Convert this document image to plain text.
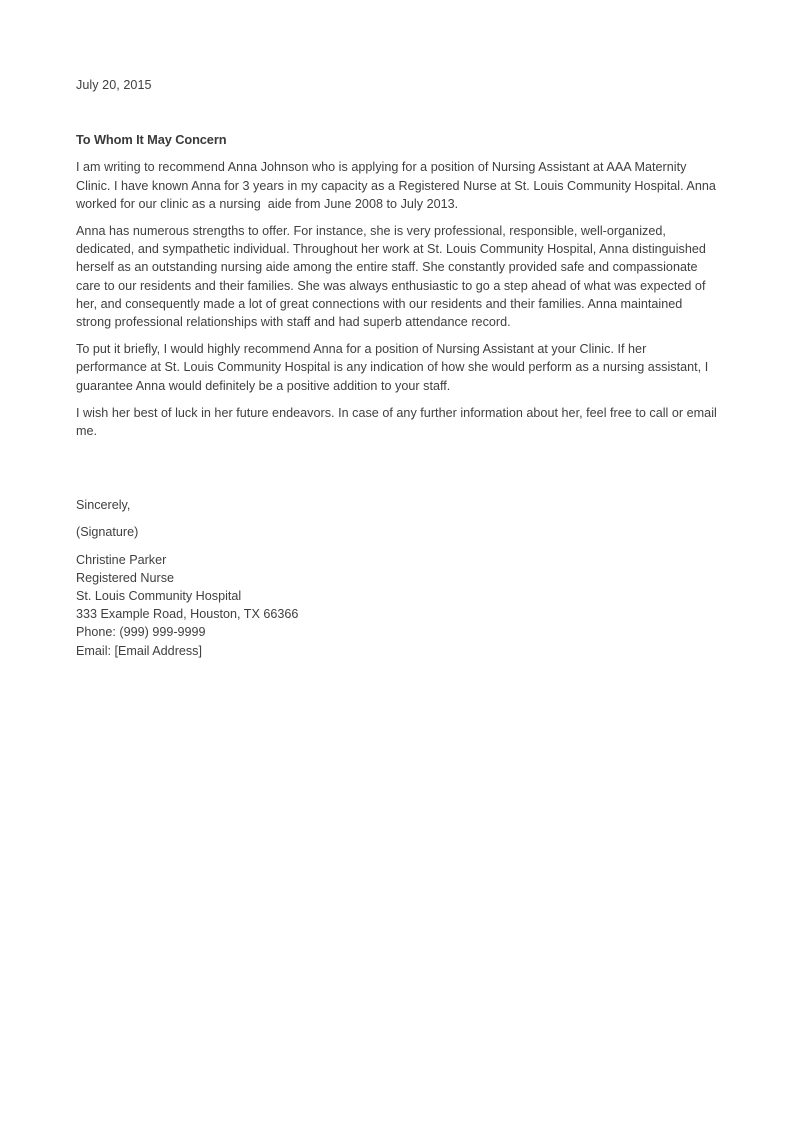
July 20, 2015

To Whom It May Concern

I am writing to recommend Anna Johnson who is applying for a position of Nursing Assistant at AAA Maternity Clinic. I have known Anna for 3 years in my capacity as a Registered Nurse at St. Louis Community Hospital. Anna worked for our clinic as a nursing  aide from June 2008 to July 2013.

Anna has numerous strengths to offer. For instance, she is very professional, responsible, well-organized, dedicated, and sympathetic individual. Throughout her work at St. Louis Community Hospital, Anna distinguished herself as an outstanding nursing aide among the entire staff. She constantly provided safe and compassionate care to our residents and their families. She was always enthusiastic to go a step ahead of what was expected of her, and consequently made a lot of great connections with our residents and their families. Anna maintained strong professional relationships with staff and had superb attendance record.

To put it briefly, I would highly recommend Anna for a position of Nursing Assistant at your Clinic. If her performance at St. Louis Community Hospital is any indication of how she would perform as a nursing assistant, I guarantee Anna would definitely be a positive addition to your staff.

I wish her best of luck in her future endeavors. In case of any further information about her, feel free to call or email me.

Sincerely,

(Signature)

Christine Parker

Registered Nurse

St. Louis Community Hospital

333 Example Road, Houston, TX 66366

Phone: (999) 999-9999

Email: [Email Address]
